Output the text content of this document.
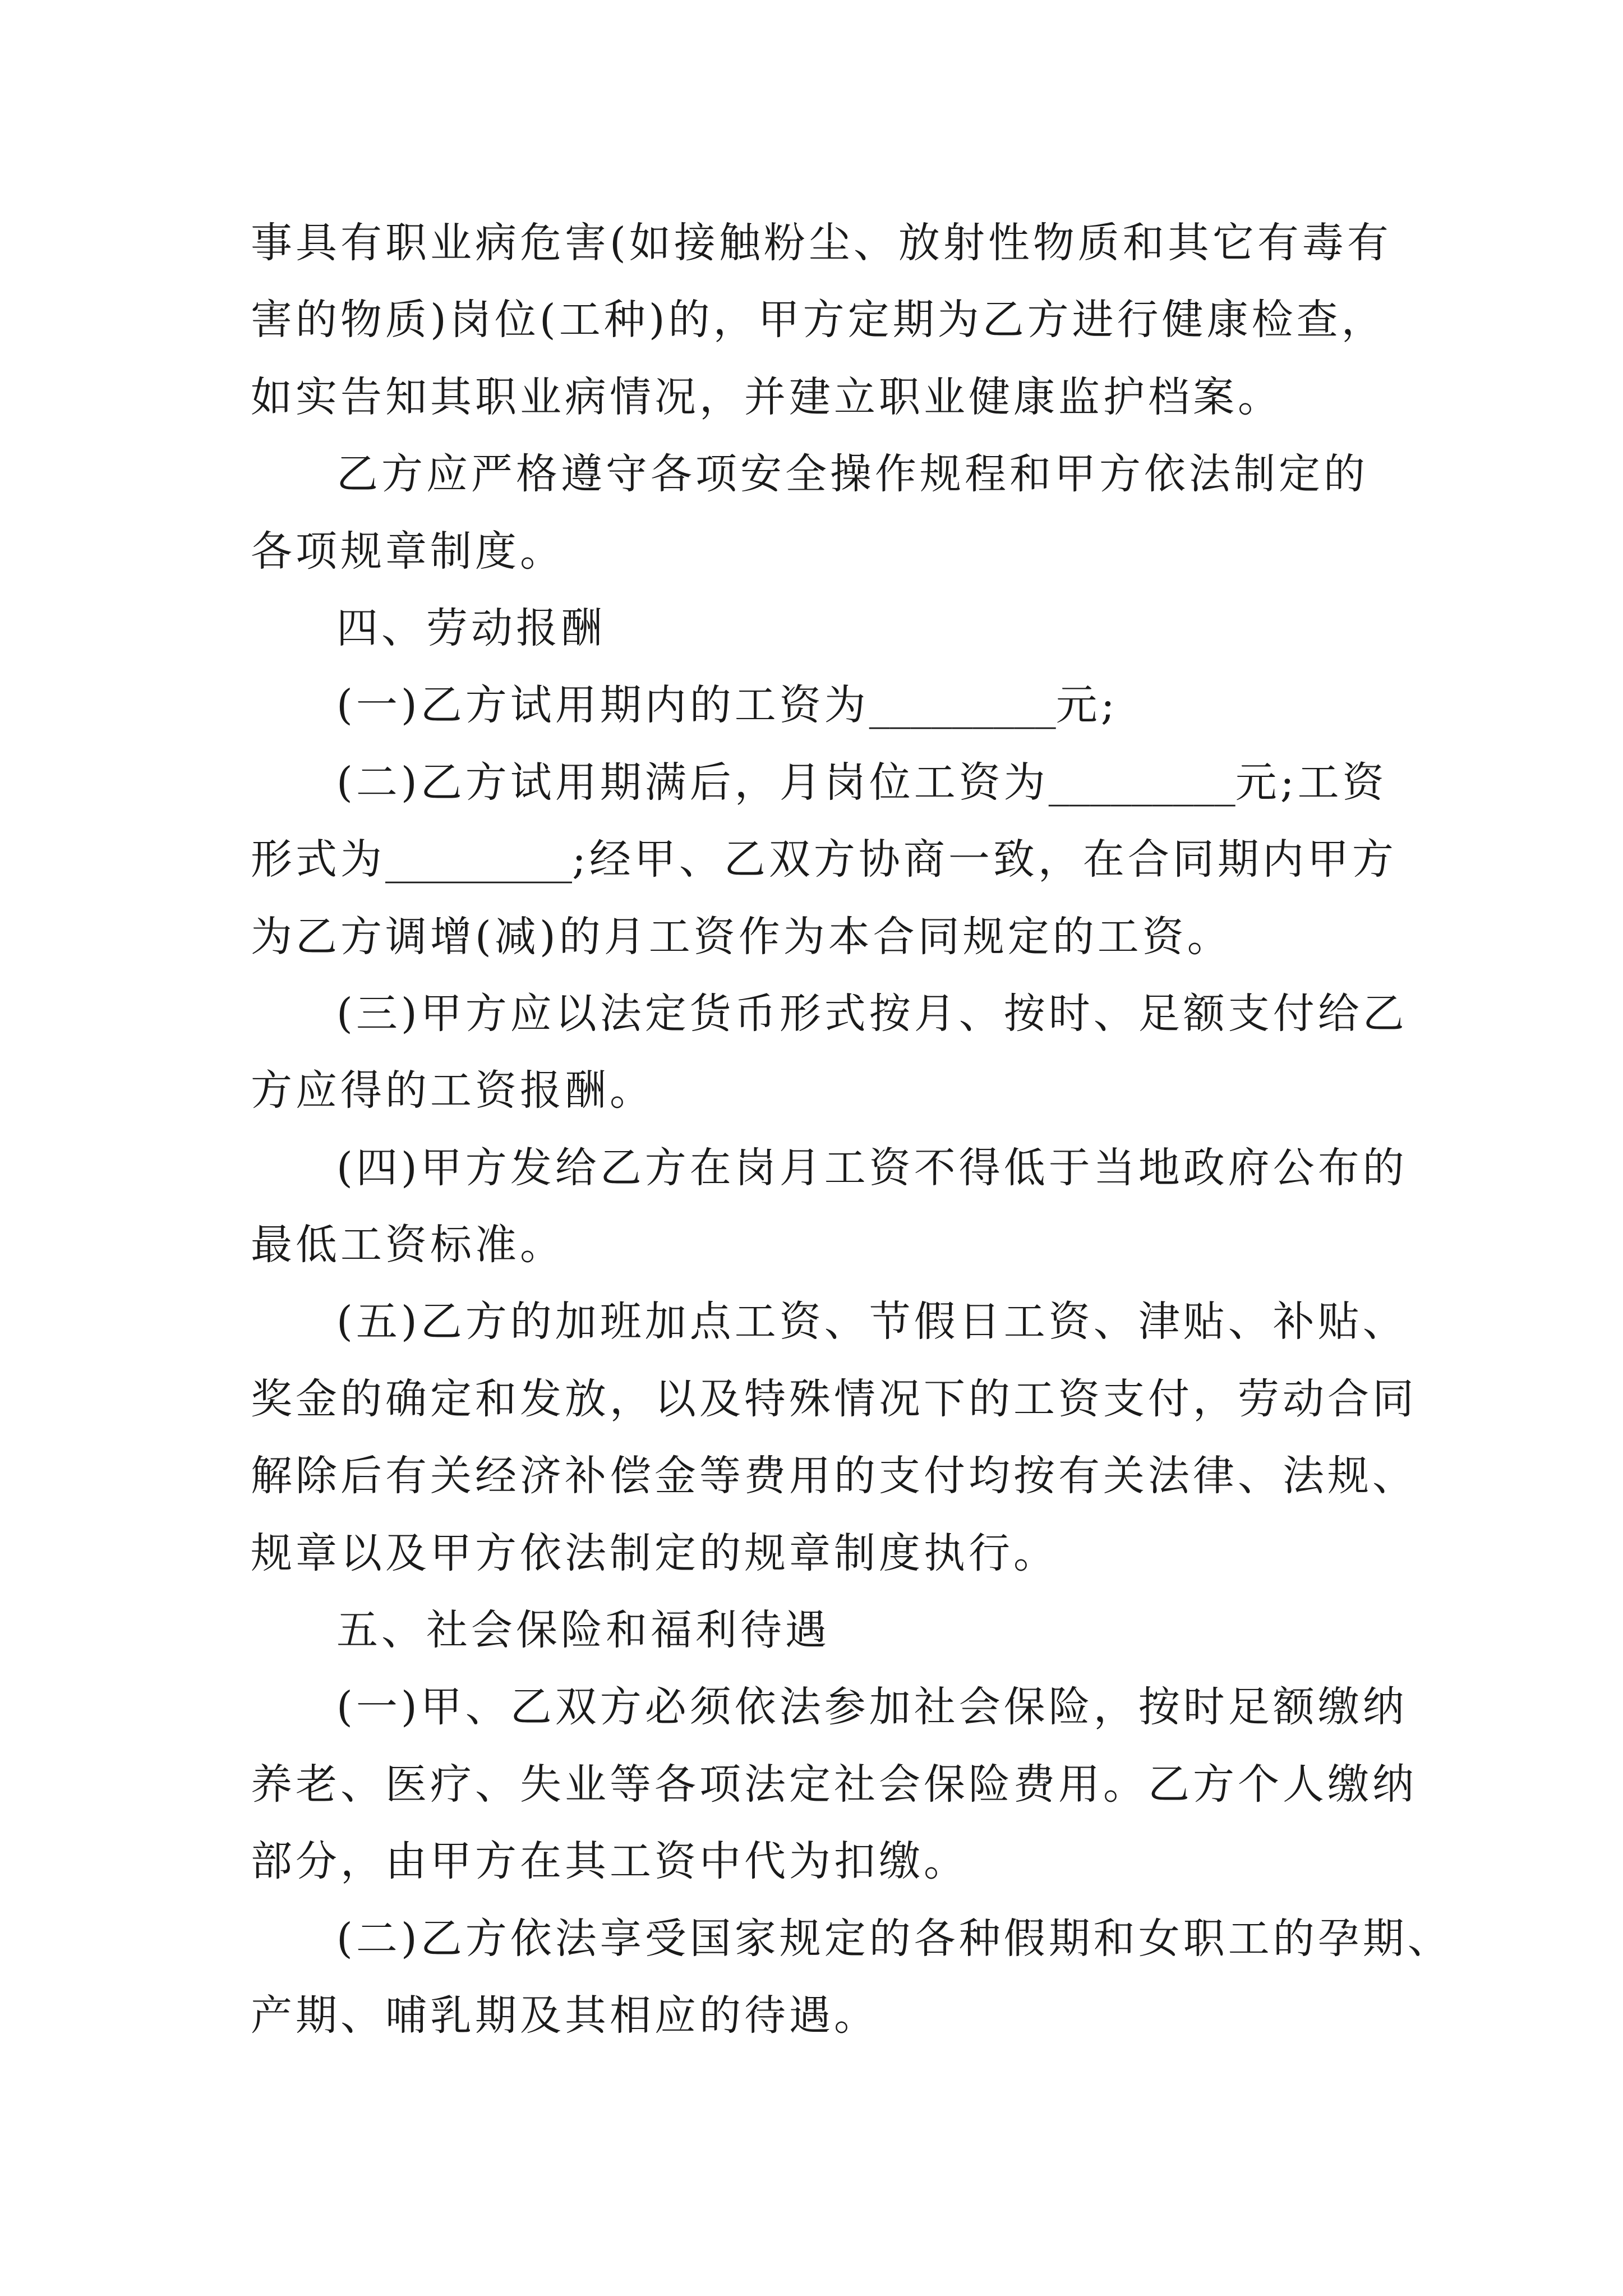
事具有职业病危害(如接触粉尘、放射性物质和其它有毒有
害的物质)岗位(工种)的，甲方定期为乙方进行健康检查，
如实告知其职业病情况，并建立职业健康监护档案。
乙方应严格遵守各项安全操作规程和甲方依法制定的
各项规章制度。
四、劳动报酬
(一)乙方试用期内的工资为_________元;
(二)乙方试用期满后，月岗位工资为_________元;工资
形式为_________;经甲、乙双方协商一致，在合同期内甲方
为乙方调增(减)的月工资作为本合同规定的工资。
(三)甲方应以法定货币形式按月、按时、足额支付给乙
方应得的工资报酬。
(四)甲方发给乙方在岗月工资不得低于当地政府公布的
最低工资标准。
(五)乙方的加班加点工资、节假日工资、津贴、补贴、
奖金的确定和发放，以及特殊情况下的工资支付，劳动合同
解除后有关经济补偿金等费用的支付均按有关法律、法规、
规章以及甲方依法制定的规章制度执行。
五、社会保险和福利待遇
(一)甲、乙双方必须依法参加社会保险，按时足额缴纳
养老、医疗、失业等各项法定社会保险费用。乙方个人缴纳
部分，由甲方在其工资中代为扣缴。
(二)乙方依法享受国家规定的各种假期和女职工的孕期、
产期、哺乳期及其相应的待遇。
